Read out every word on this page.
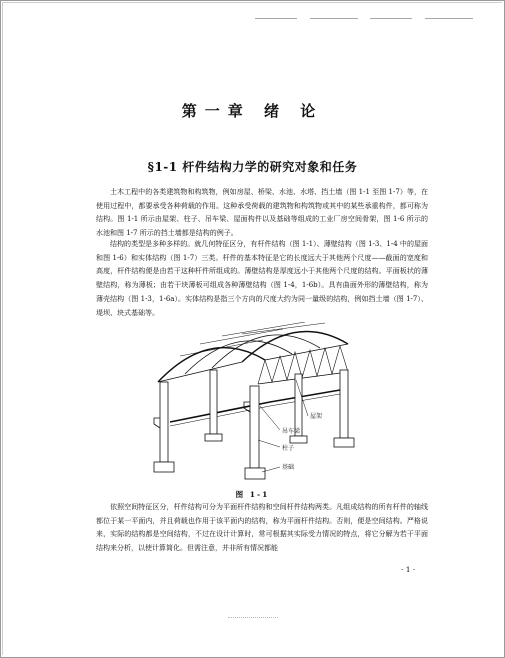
第一章 绪 论
§1-1 杆件结构力学的研究对象和任务

土木工程中的各类建筑物和构筑物，例如房屋、桥梁、水池、水塔、挡土墙（图 1-1 至图 1-7）等，在使用过程中，都要承受各种荷载的作用。这种承受荷载的建筑物和构筑物或其中的某些承重构件，都可称为结构。图 1-1 所示由屋架、柱子、吊车梁、屋面构件以及基础等组成的工业厂房空间骨架，图 1-6 所示的水池和图 1-7 所示的挡土墙都是结构的例子。

结构的类型是多种多样的。就几何特征区分，有杆件结构（图 1-1）、薄壁结构（图 1-3、1-4 中的屋面和图 1-6）和实体结构（图 1-7）三类。杆件的基本特征是它的长度远大于其他两个尺度——截面的宽度和高度，杆件结构便是由若干这种杆件所组成的。薄壁结构是厚度远小于其他两个尺度的结构。平面板状的薄壁结构，称为薄板；由若干块薄板可组成各种薄壁结构（图 1-4，1-6b）。具有曲面外形的薄壁结构，称为薄壳结构（图 1-3，1-6a）。实体结构是指三个方向的尺度大约为同一量级的结构，例如挡土墙（图 1-7）、堤坝、块式基础等。

屋架
吊车梁
柱子
基础
图 1-1

依照空间特征区分，杆件结构可分为平面杆件结构和空间杆件结构两类。凡组成结构的所有杆件的轴线都位于某一平面内，并且荷载也作用于该平面内的结构，称为平面杆件结构。否则，便是空间结构。严格说来，实际的结构都是空间结构，不过在设计计算时，常可根据其实际受力情况的特点，将它分解为若干平面结构来分析，以使计算简化。但需注意，并非所有情况都能

· 1 ·
